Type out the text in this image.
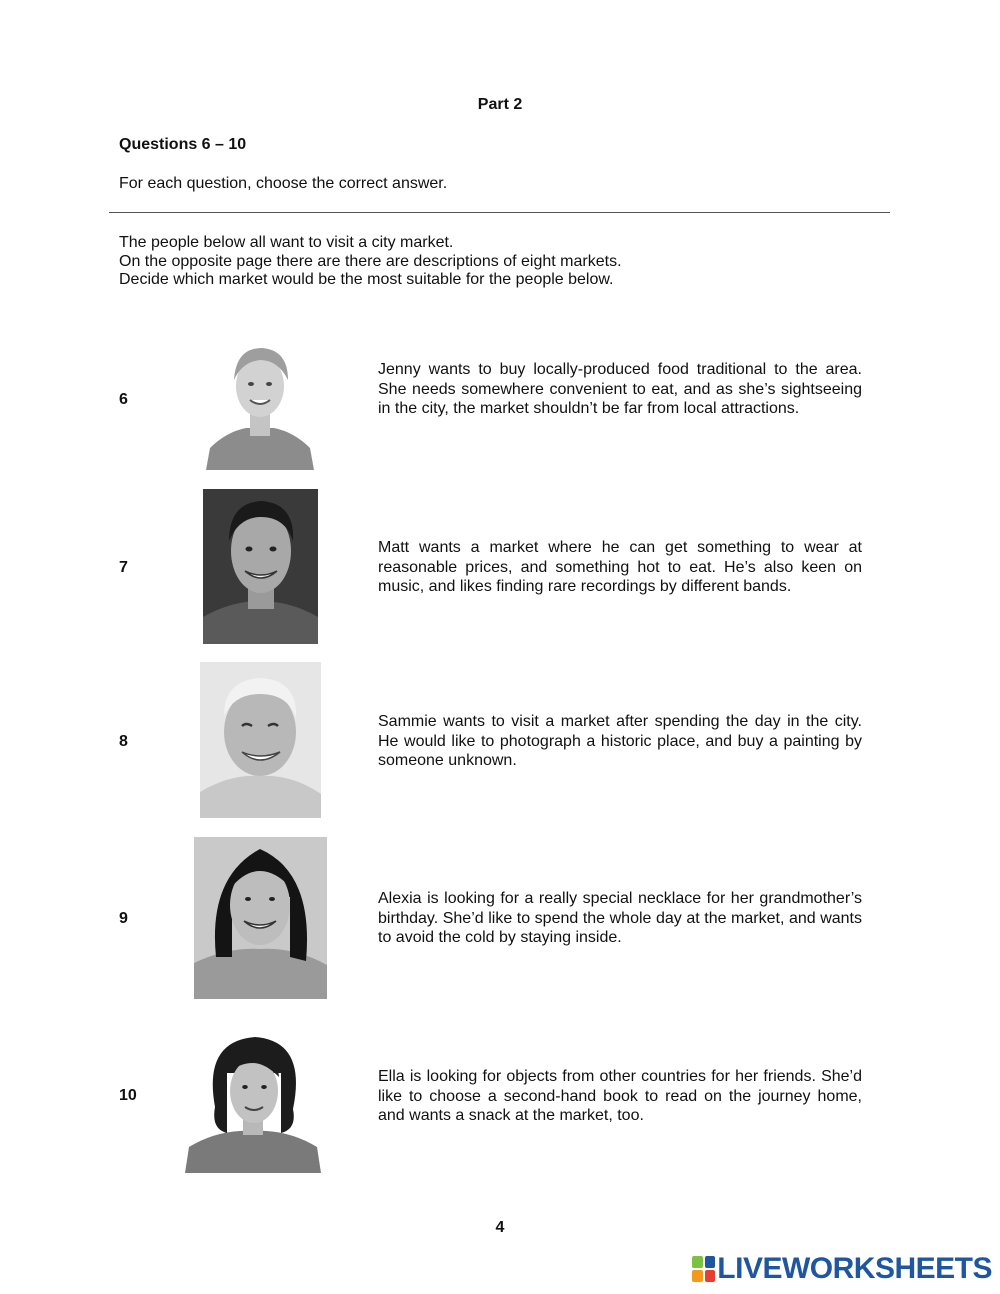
Part 2
Questions 6 – 10
For each question, choose the correct answer.
The people below all want to visit a city market.
On the opposite page there are there are descriptions of eight markets.
Decide which market would be the most suitable for the people below.
6
Jenny wants to buy locally-produced food traditional to the area. She needs somewhere convenient to eat, and as she’s sightseeing in the city, the market shouldn’t be far from local attractions.
7
Matt wants a market where he can get something to wear at reasonable prices, and something hot to eat. He’s also keen on music, and likes finding rare recordings by different bands.
8
Sammie wants to visit a market after spending the day in the city. He would like to photograph a historic place, and buy a painting by someone unknown.
9
Alexia is looking for a really special necklace for her grandmother’s birthday. She’d like to spend the whole day at the market, and wants to avoid the cold by staying inside.
10
Ella is looking for objects from other countries for her friends. She’d like to choose a second-hand book to read on the journey home, and wants a snack at the market, too.
4
LIVEWORKSHEETS
